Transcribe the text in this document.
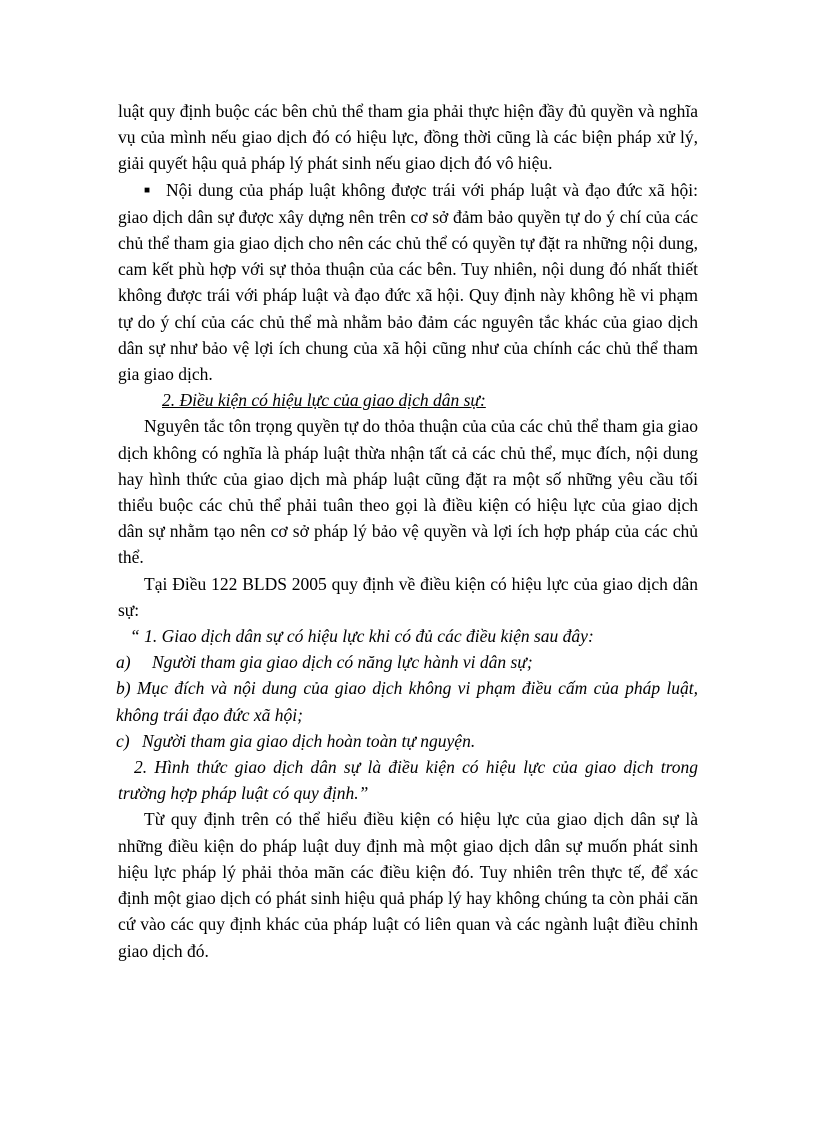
luật quy định buộc các bên chủ thể tham gia phải thực hiện đầy đủ quyền và nghĩa vụ của mình nếu giao dịch đó có hiệu lực, đồng thời cũng là các biện pháp xử lý, giải quyết hậu quả pháp lý phát sinh nếu giao dịch đó vô hiệu.

■ Nội dung của pháp luật không được trái với pháp luật và đạo đức xã hội: giao dịch dân sự được xây dựng nên trên cơ sở đảm bảo quyền tự do ý chí của các chủ thể tham gia giao dịch cho nên các chủ thể có quyền tự đặt ra những nội dung, cam kết phù hợp với sự thỏa thuận của các bên. Tuy nhiên, nội dung đó nhất thiết không được trái với pháp luật và đạo đức xã hội. Quy định này không hề vi phạm tự do ý chí của các chủ thể mà nhằm bảo đảm các nguyên tắc khác của giao dịch dân sự như bảo vệ lợi ích chung của xã hội cũng như của chính các chủ thể tham gia giao dịch.

2. Điều kiện có hiệu lực của giao dịch dân sự:

Nguyên tắc tôn trọng quyền tự do thỏa thuận của của các chủ thể tham gia giao dịch không có nghĩa là pháp luật thừa nhận tất cả các chủ thể, mục đích, nội dung hay hình thức của giao dịch mà pháp luật cũng đặt ra một số những yêu cầu tối thiểu buộc các chủ thể phải tuân theo gọi là điều kiện có hiệu lực của giao dịch dân sự nhằm tạo nên cơ sở pháp lý bảo vệ quyền và lợi ích hợp pháp của các chủ thể.

Tại Điều 122 BLDS 2005 quy định về điều kiện có hiệu lực của giao dịch dân sự:

“ 1. Giao dịch dân sự có hiệu lực khi có đủ các điều kiện sau đây:

a) Người tham gia giao dịch có năng lực hành vi dân sự;

b) Mục đích và nội dung của giao dịch không vi phạm điều cấm của pháp luật, không trái đạo đức xã hội;

c) Người tham gia giao dịch hoàn toàn tự nguyện.

2. Hình thức giao dịch dân sự là điều kiện có hiệu lực của giao dịch trong trường hợp pháp luật có quy định.”

Từ quy định trên có thể hiểu điều kiện có hiệu lực của giao dịch dân sự là những điều kiện do pháp luật duy định mà một giao dịch dân sự muốn phát sinh hiệu lực pháp lý phải thỏa mãn các điều kiện đó. Tuy nhiên trên thực tế, để xác định một giao dịch có phát sinh hiệu quả pháp lý hay không chúng ta còn phải căn cứ vào các quy định khác của pháp luật có liên quan và các ngành luật điều chỉnh giao dịch đó.
